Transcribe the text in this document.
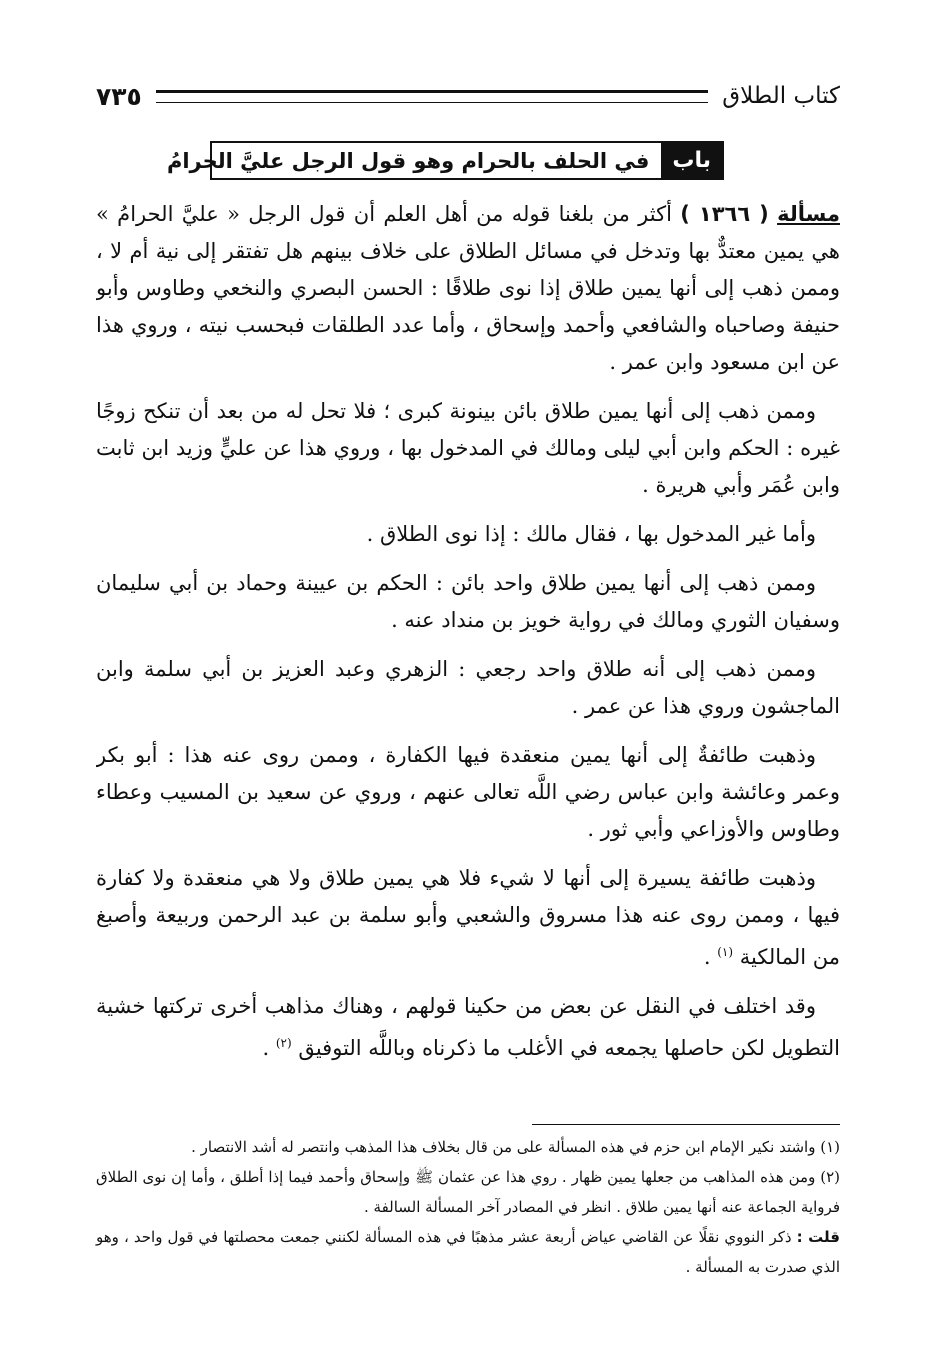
كتاب الطلاق
٧٣٥
باب
في الحلف بالحرام وهو قول الرجل عليَّ الحرامُ

مسألة ( ١٣٦٦ ) أكثر من بلغنا قوله من أهل العلم أن قول الرجل « عليَّ الحرامُ » هي يمين معتدٌّ بها وتدخل في مسائل الطلاق على خلاف بينهم هل تفتقر إلى نية أم لا ، وممن ذهب إلى أنها يمين طلاق إذا نوى طلاقًا : الحسن البصري والنخعي وطاوس وأبو حنيفة وصاحباه والشافعي وأحمد وإسحاق ، وأما عدد الطلقات فبحسب نيته ، وروي هذا عن ابن مسعود وابن عمر .

وممن ذهب إلى أنها يمين طلاق بائن بينونة كبرى ؛ فلا تحل له من بعد أن تنكح زوجًا غيره : الحكم وابن أبي ليلى ومالك في المدخول بها ، وروي هذا عن عليٍّ وزيد ابن ثابت وابن عُمَر وأبي هريرة .

وأما غير المدخول بها ، فقال مالك : إذا نوى الطلاق .

وممن ذهب إلى أنها يمين طلاق واحد بائن : الحكم بن عيينة وحماد بن أبي سليمان وسفيان الثوري ومالك في رواية خويز بن منداد عنه .

وممن ذهب إلى أنه طلاق واحد رجعي : الزهري وعبد العزيز بن أبي سلمة وابن الماجشون وروي هذا عن عمر .

وذهبت طائفةٌ إلى أنها يمين منعقدة فيها الكفارة ، وممن روى عنه هذا : أبو بكر وعمر وعائشة وابن عباس رضي اللَّه تعالى عنهم ، وروي عن سعيد بن المسيب وعطاء وطاوس والأوزاعي وأبي ثور .

وذهبت طائفة يسيرة إلى أنها لا شيء فلا هي يمين طلاق ولا هي منعقدة ولا كفارة فيها ، وممن روى عنه هذا مسروق والشعبي وأبو سلمة بن عبد الرحمن وربيعة وأصبغ من المالكية $^{(١)}$ .

وقد اختلف في النقل عن بعض من حكينا قولهم ، وهناك مذاهب أخرى تركتها خشية التطويل لكن حاصلها يجمعه في الأغلب ما ذكرناه وباللَّه التوفيق $^{(٢)}$ .

(١) واشتد نكير الإمام ابن حزم في هذه المسألة على من قال بخلاف هذا المذهب وانتصر له أشد الانتصار .

(٢) ومن هذه المذاهب من جعلها يمين ظهار . روي هذا عن عثمان ﷺ وإسحاق وأحمد فيما إذا أطلق ، وأما إن نوى الطلاق فرواية الجماعة عنه أنها يمين طلاق . انظر في المصادر آخر المسألة السالفة .

قلت : ذكر النووي نقلًا عن القاضي عياض أربعة عشر مذهبًا في هذه المسألة لكنني جمعت محصلتها في قول واحد ، وهو الذي صدرت به المسألة .
